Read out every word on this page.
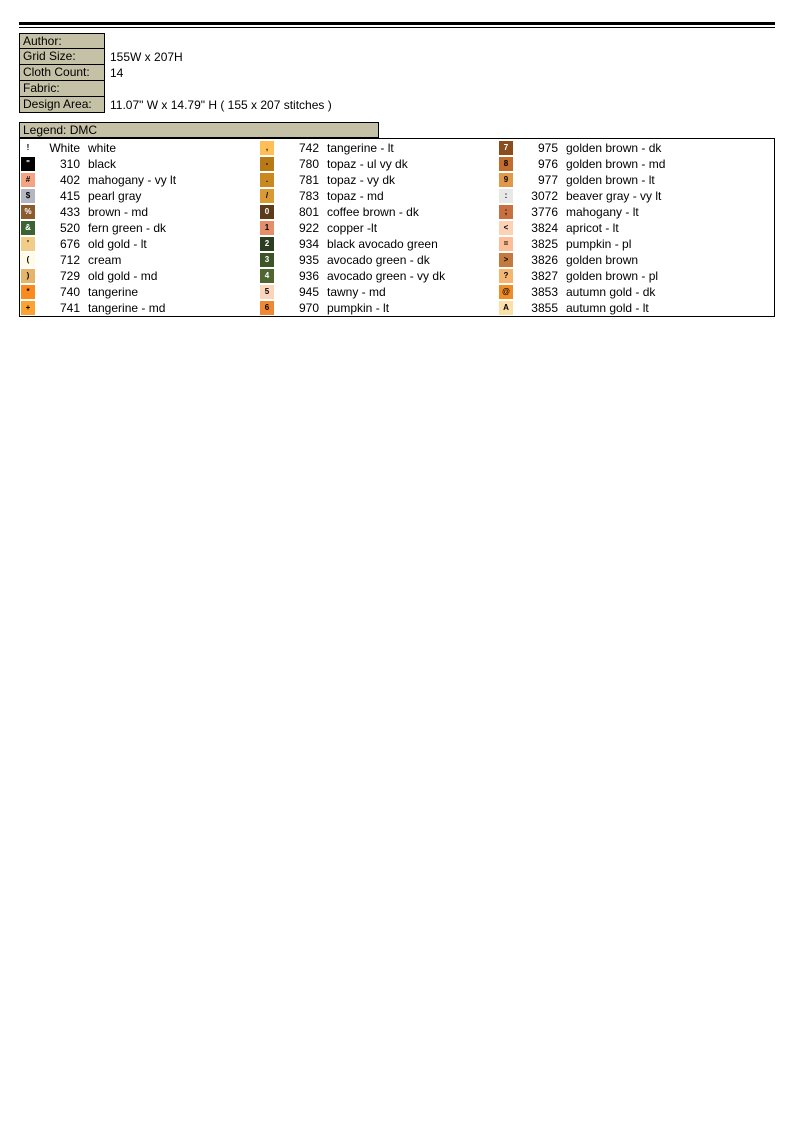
Author:
Grid Size:	155W x 207H
Cloth Count:	14
Fabric:
Design Area:	11.07" W x 14.79" H ( 155 x 207 stitches )
Legend: DMC
!	White white
"	310 black
#	402 mahogany - vy lt
$	415 pearl gray
%	433 brown - md
&	520 fern green - dk
'	676 old gold - lt
(	712 cream
)	729 old gold - md
*	740 tangerine
+	741 tangerine - md
,	742 tangerine - lt
-	780 topaz - ul vy dk
.	781 topaz - vy dk
/	783 topaz - md
0	801 coffee brown - dk
1	922 copper -lt
2	934 black avocado green
3	935 avocado green - dk
4	936 avocado green - vy dk
5	945 tawny - md
6	970 pumpkin - lt
7	975 golden brown - dk
8	976 golden brown - md
9	977 golden brown - lt
:	3072 beaver gray - vy lt
;	3776 mahogany - lt
<	3824 apricot - lt
=	3825 pumpkin - pl
>	3826 golden brown
?	3827 golden brown - pl
@	3853 autumn gold - dk
A	3855 autumn gold - lt
